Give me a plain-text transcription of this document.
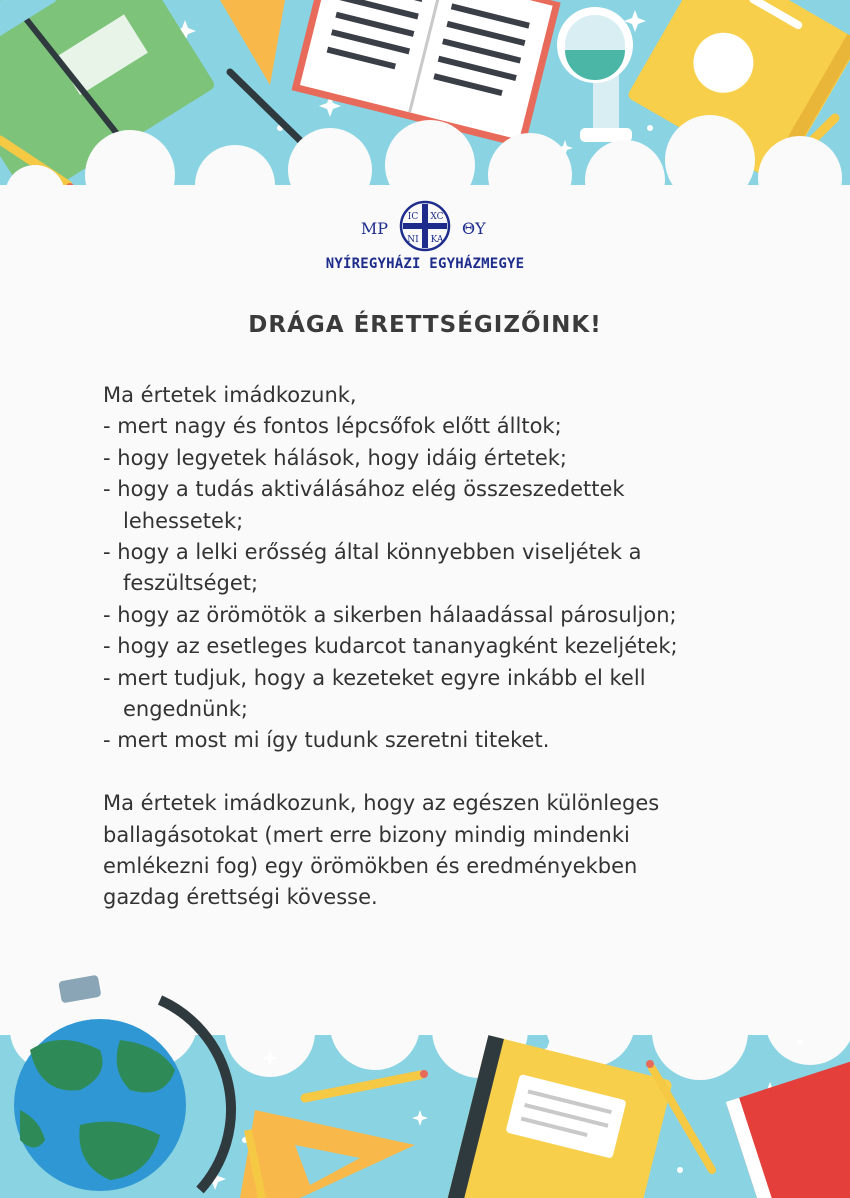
MP
IC XC
NI KA
ΘY
NYÍREGYHÁZI EGYHÁZMEGYE
DRÁGA ÉRETTSÉGIZŐINK!
Ma értetek imádkozunk,
- mert nagy és fontos lépcsőfok előtt álltok;
- hogy legyetek hálások, hogy idáig értetek;
- hogy a tudás aktiválásához elég összeszedettek
lehessetek;
- hogy a lelki erősség által könnyebben viseljétek a
feszültséget;
- hogy az örömötök a sikerben hálaadással párosuljon;
- hogy az esetleges kudarcot tananyagként kezeljétek;
- mert tudjuk, hogy a kezeteket egyre inkább el kell
engednünk;
- mert most mi így tudunk szeretni titeket.
Ma értetek imádkozunk, hogy az egészen különleges
ballagásotokat (mert erre bizony mindig mindenki
emlékezni fog) egy örömökben és eredményekben
gazdag érettségi kövesse.
